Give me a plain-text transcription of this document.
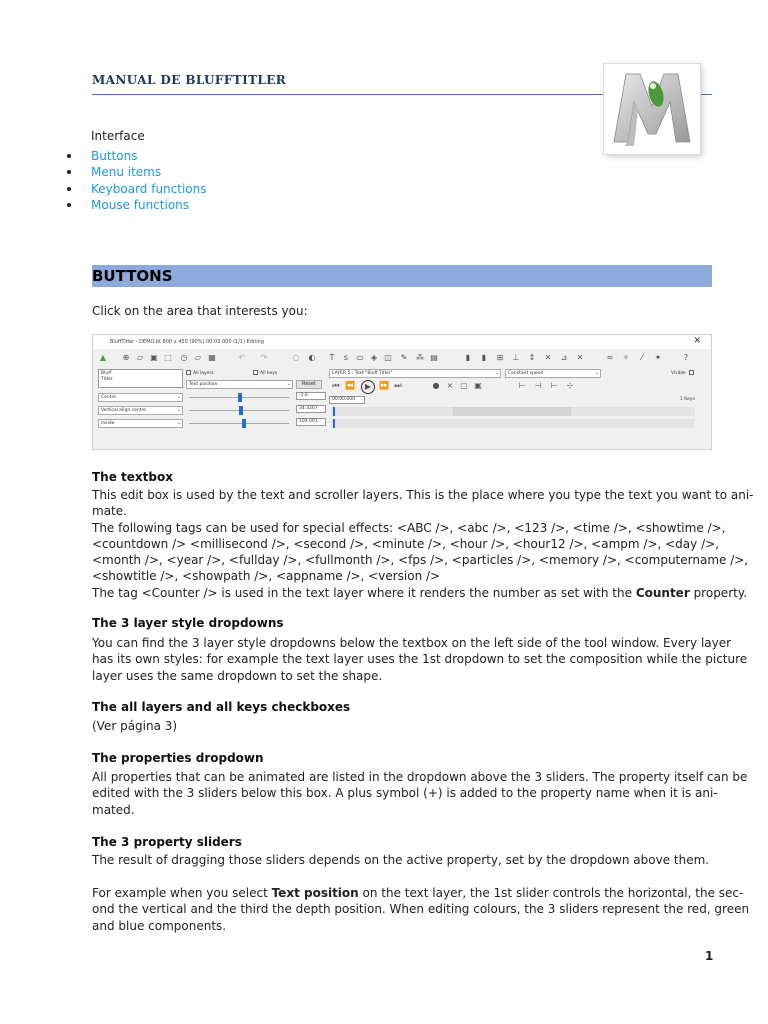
MANUAL DE BLUFFTITLER
Interface
Buttons
Menu items
Keyboard functions
Mouse functions
BUTTONS
Click on the area that interests you:
BluffTitler - DEMO.bt 800 x 450 (90%) 00:03.000 (1/1) Editing	✕
▲ ⊕ ▱ ▣ ⬚ ◷ ▱ ▦	↶ ↷	◌ ◐	T	s	▭ ◈ ◫ ✎ ⁂ ▤	▮	▮	⊞ ⊥ ↕ ✕ ⊿ ✕	≈ ✧	⁄	✦	?
Bluff
Titler
All layers	All keys
Text position	⌄
Centre	⌄
Vertical align centre	⌄
Inside	⌄
Reset
-1.6
34.3207
104.001
LAYER 5 : Text "Bluff Titler"	⌄ Constant speed	⌄	Visible
⏮ ⏪	▶ ⏩ ⏭	● × ▢ ▣	⊢ ⊣ ⊢ ⊹
00:00.000	1 Keys
The textbox
This edit box is used by the text and scroller layers. This is the place where you type the text you want to ani-
mate.
The following tags can be used for special effects: <ABC />, <abc />, <123 />, <time />, <showtime />,
<countdown /> <millisecond />, <second />, <minute />, <hour />, <hour12 />, <ampm />, <day />,
<month />, <year />, <fullday />, <fullmonth />, <fps />, <particles />, <memory />, <computername />,
<showtitle />, <showpath />, <appname />, <version />
The tag <Counter /> is used in the text layer where it renders the number as set with the Counter property.
The 3 layer style dropdowns
You can find the 3 layer style dropdowns below the textbox on the left side of the tool window. Every layer
has its own styles: for example the text layer uses the 1st dropdown to set the composition while the picture
layer uses the same dropdown to set the shape.
The all layers and all keys checkboxes
(Ver página 3)
The properties dropdown
All properties that can be animated are listed in the dropdown above the 3 sliders. The property itself can be
edited with the 3 sliders below this box. A plus symbol (+) is added to the property name when it is ani-
mated.
The 3 property sliders
The result of dragging those sliders depends on the active property, set by the dropdown above them.
For example when you select Text position on the text layer, the 1st slider controls the horizontal, the sec-
ond the vertical and the third the depth position. When editing colours, the 3 sliders represent the red, green
and blue components.
1
